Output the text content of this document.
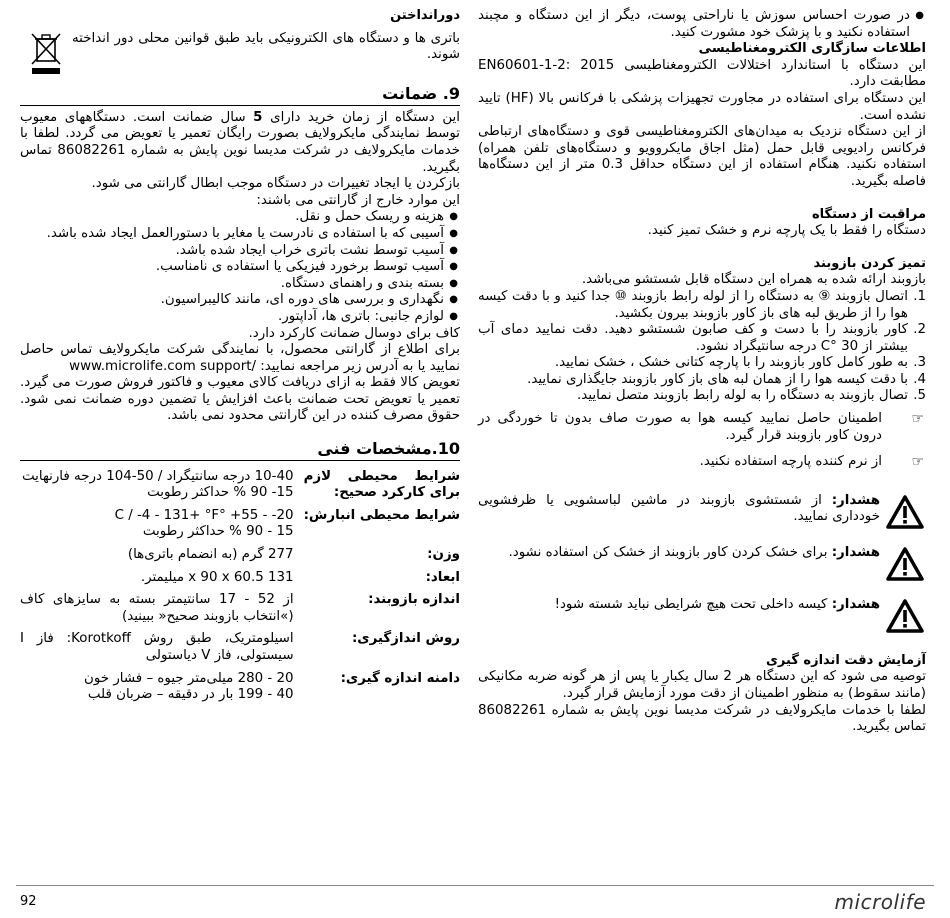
● در صورت احساس سوزش یا ناراحتی پوست، دیگر از این دستگاه و مچبند استفاده نکنید و با پزشک خود مشورت کنید.

اطلاعات سازگاری الکترومغناطیسی

این دستگاه با استاندارد اختلالات الکترومغناطیسی EN60601-1-2: 2015 مطابقت دارد.

این دستگاه برای استفاده در مجاورت تجهیزات پزشکی با فرکانس بالا (HF) تایید نشده است.

از این دستگاه نزدیک به میدان‌های الکترومغناطیسی قوی و دستگاه‌های ارتباطی فرکانس رادیویی قابل حمل (مثل اجاق مایکروویو و دستگاه‌های تلفن همراه) استفاده نکنید. هنگام استفاده از این دستگاه حداقل 0.3 متر از این دستگاه‌ها فاصله بگیرید.

مراقبت از دستگاه

دستگاه را فقط با یک پارچه نرم و خشک تمیز کنید.

تمیز کردن بازوبند

بازوبند ارائه شده به همراه این دستگاه قابل شستشو می‌باشد.

1.
اتصال بازوبند ⑨ به دستگاه را از لوله رابط بازوبند ⑩ جدا کنید و با دقت کیسه هوا را از طریق لبه های باز کاور بازوبند بیرون بکشید.
2.
کاور بازوبند را با دست و کف صابون شستشو دهید. دقت نمایید دمای آب بیشتر از 30 °C درجه سانتیگراد نشود.
3.
به طور کامل کاور بازوبند را با پارچه کتانی خشک ، خشک نمایید.
4.
با دقت کیسه هوا را از همان لبه های باز کاور بازوبند جایگذاری نمایید.
5.
تصال بازوبند به دستگاه را به لوله رابط بازوبند متصل نمایید.
☞
اطمینان حاصل نمایید کیسه هوا به صورت صاف بدون تا خوردگی در درون کاور بازوبند قرار گیرد.
☞
از نرم کننده پارچه استفاده نکنید.
هشدار: از شستشوی بازوبند در ماشین لباسشویی یا ظرفشویی خودداری نمایید.
هشدار: برای خشک کردن کاور بازوبند از خشک کن استفاده نشود.
هشدار: کیسه داخلی تحت هیچ شرایطی نباید شسته شود!

آزمایش دقت اندازه گیری

توصیه می شود که این دستگاه هر 2 سال یکبار یا پس از هر گونه ضربه مکانیکی (مانند سقوط) به منظور اطمینان از دقت مورد آزمایش قرار گیرد.

لطفا با خدمات مایکرولایف در شرکت مدیسا نوین پایش به شماره 86082261 تماس بگیرید.

دورانداختن

باتری ها و دستگاه های الکترونیکی باید طبق قوانین محلی دور انداخته شوند.
9. ضمانت

این دستگاه از زمان خرید دارای 5 سال ضمانت است. دستگاههای معیوب توسط نمایندگی مایکرولایف بصورت رایگان تعمیر یا تعویض می گردد. لطفا با خدمات مایکرولایف در شرکت مدیسا نوین پایش به شماره 86082261 تماس بگیرید.

بازکردن یا ایجاد تغییرات در دستگاه موجب ابطال گارانتی می شود.

این موارد خارج از گارانتی می باشند:

● هزینه و ریسک حمل و نقل.
● آسیبی که با استفاده ی نادرست یا مغایر با دستورالعمل ایجاد شده باشد.
● آسیب توسط نشت باتری خراب ایجاد شده باشد.
● آسیب توسط برخورد فیزیکی یا استفاده ی نامناسب.
● بسته بندی و راهنمای دستگاه.
● نگهداری و بررسی های دوره ای، مانند کالیبراسیون.
● لوازم جانبی: باتری ها، آداپتور.

کاف برای دوسال ضمانت کارکرد دارد.

برای اطلاع از گارانتی محصول، با نمایندگی شرکت مایکرولایف تماس حاصل نمایید یا به آدرس زیر مراجعه نمایید: /www.microlife.com support

تعویض کالا فقط به ازای دریافت کالای معیوب و فاکتور فروش صورت می گیرد. تعمیر یا تعویض تحت ضمانت باعث افزایش یا تضمین دوره ضمانت نمی شود. حقوق مصرف کننده در این گارانتی محدود نمی باشد.

10.مشخصات فنی
شرایط محیطی لازم برای کارکرد صحیح:	10-40 درجه سانتیگراد / 50-104 درجه فارنهایت
15- 90 % حداکثر رطوبت
شرایط محیطی انبارش:	20- - 55+ °C / -4 - 131+ °F
15 - 90 % حداکثر رطوبت
وزن:	277 گرم (به انضمام باتری‌ها)
ابعاد:	131 x 90 x 60.5 میلیمتر.
اندازه بازوبند:	از 52 - 17 سانتیمتر بسته به سایزهای کاف (»انتخاب بازوبند صحیح« ببینید)
روش اندازگیری:	اسیلومتریک، طبق روش Korotkoff: فاز I سیستولی، فاز V دیاستولی
دامنه اندازه گیری:	20 - 280 میلی‌متر جیوه – فشار خون
40 - 199 بار در دقیقه – ضربان قلب
92	microlife
